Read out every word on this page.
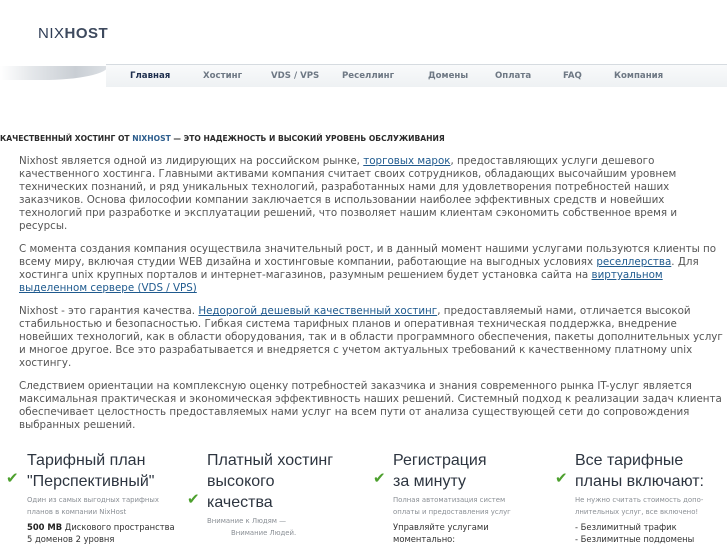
NIXHOST
Главная	Хостинг	VDS / VPS	Реселлинг	Домены	Оплата	FAQ	Компания
КАЧЕСТВЕННЫЙ ХОСТИНГ ОТ NIXHOST — ЭТО НАДЕЖНОСТЬ И ВЫСОКИЙ УРОВЕНЬ ОБСЛУЖИВАНИЯ

Nixhost является одной из лидирующих на российском рынке, торговых марок, предоставляющих услуги дешевого качественного хостинга. Главными активами компания считает своих сотрудников, обладающих высочайшим уровнем технических познаний, и ряд уникальных технологий, разработанных нами для удовлетворения потребностей наших заказчиков. Основа философии компании заключается в использовании наиболее эффективных средств и новейших технологий при разработке и эксплуатации решений, что позволяет нашим клиентам сэкономить собственное время и ресурсы.

С момента создания компания осуществила значительный рост, и в данный момент нашими услугами пользуются клиенты по всему миру, включая студии WEB дизайна и хостинговые компании, работающие на выгодных условиях реселлерства. Для хостинга unix крупных порталов и интернет-магазинов, разумным решением будет установка сайта на виртуальном выделенном сервере (VDS / VPS)

Nixhost - это гарантия качества. Недорогой дешевый качественный хостинг, предоставляемый нами, отличается высокой стабильностью и безопасностью. Гибкая система тарифных планов и оперативная техническая поддержка, внедрение новейших технологий, как в области оборудования, так и в области программного обеспечения, пакеты дополнительных услуг и многое другое. Все это разрабатывается и внедряется с учетом актуальных требований к качественному платному unix хостингу.

Следствием ориентации на комплексную оценку потребностей заказчика и знания современного рынка IT-услуг является максимальная практическая и экономическая эффективность наших решений. Системный подход к реализации задач клиента обеспечивает целостность предоставляемых нами услуг на всем пути от анализа существующей сети до сопровождения выбранных решений.

✔
Тарифный план
"Перспективный"
Один из самых выгодных тарифных
планов в компании NixHost
500 MB Дискового пространства
5 доменов 2 уровня
✔
Платный хостинг
высокого
качества
Внимание к Людям —
Внимание Людей.
✔
Регистрация
за минуту
Полная автоматизация систем
оплаты и предоставления услуг
Управляйте услугами
моментально:
✔
Все тарифные
планы включают:
Не нужно считать стоимость допо-
лнительных услуг, все включено!
- Безлимитный трафик
- Безлимитные поддомены
